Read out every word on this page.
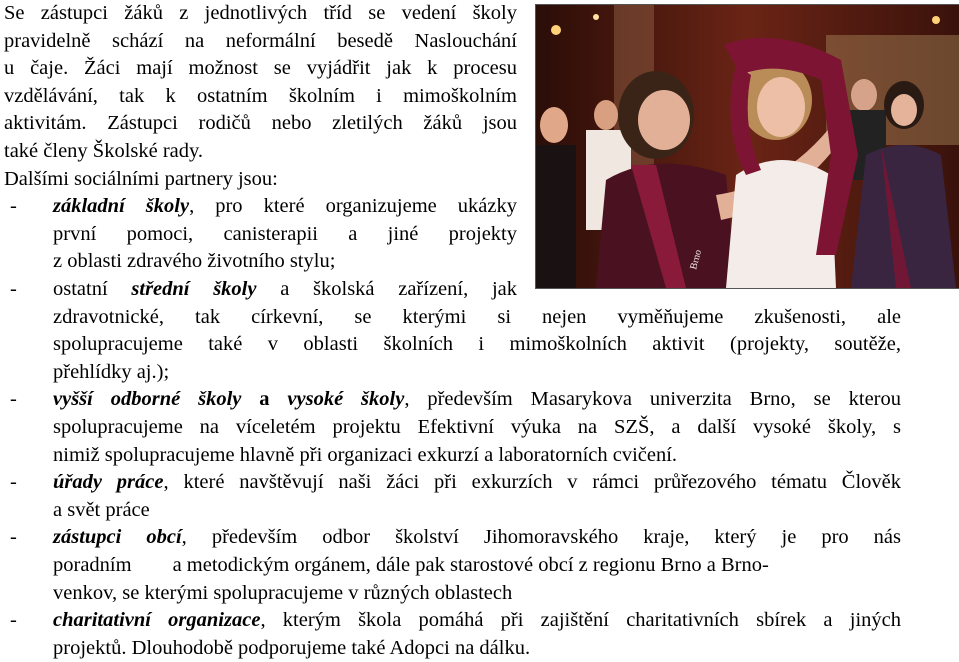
Se zástupci žáků z jednotlivých tříd se vedení školy
pravidelně schází na neformální besedě Naslouchání
u čaje. Žáci mají možnost se vyjádřit jak k procesu
vzdělávání, tak k ostatním školním i mimoškolním
aktivitám. Zástupci rodičů nebo zletilých žáků jsou
také členy Školské rady.
Dalšími sociálními partnery jsou:
- základní školy, pro které organizujeme ukázky
první pomoci, canisterapii a jiné projekty
z oblasti zdravého životního stylu;
- ostatní střední školy a školská zařízení, jak
zdravotnické, tak církevní, se kterými si nejen vyměňujeme zkušenosti, ale
spolupracujeme také v oblasti školních i mimoškolních aktivit (projekty, soutěže,
přehlídky aj.);
- vyšší odborné školy a vysoké školy, především Masarykova univerzita Brno, se kterou
spolupracujeme na víceletém projektu Efektivní výuka na SZŠ, a další vysoké školy, s
nimiž spolupracujeme hlavně při organizaci exkurzí a laboratorních cvičení.
- úřady práce, které navštěvují naši žáci při exkurzích v rámci průřezového tématu Člověk
a svět práce
- zástupci obcí, především odbor školství Jihomoravského kraje, který je pro nás
poradním        a metodickým orgánem, dále pak starostové obcí z regionu Brno a Brno-
venkov, se kterými spolupracujeme v různých oblastech
- charitativní organizace, kterým škola pomáhá při zajištění charitativních sbírek a jiných
projektů. Dlouhodobě podporujeme také Adopci na dálku.
Brno
